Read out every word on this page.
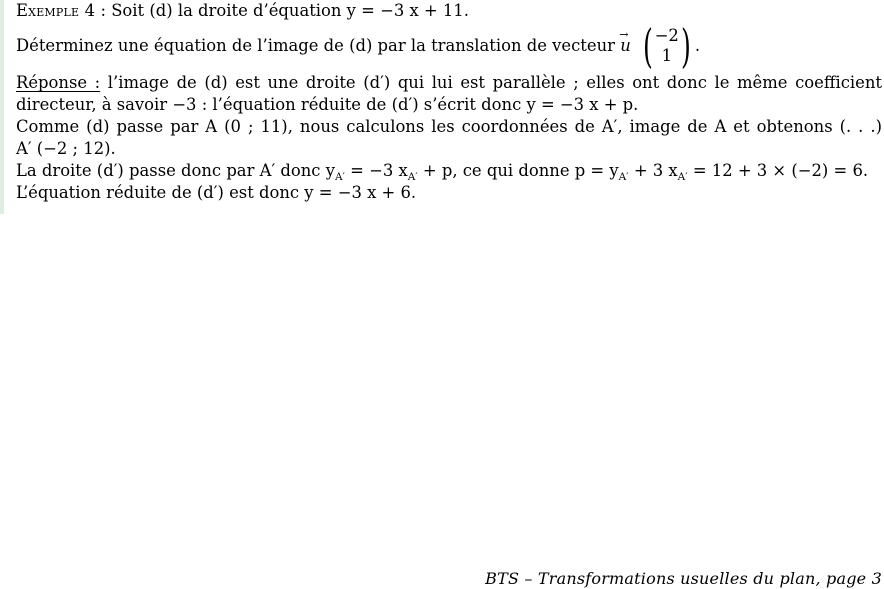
Exemple 4 : Soit (d) la droite d’équation y = −3 x + 11.
Déterminez une équation de l’image de (d) par la translation de vecteur

→ u ( −2
1 ) .
Réponse : l’image de (d) est une droite (d′) qui lui est parallèle ; elles ont donc le même coefficient
directeur, à savoir −3 : l’équation réduite de (d′) s’écrit donc y = −3 x + p.
Comme (d) passe par A (0 ; 11), nous calculons les coordonnées de A′, image de A et obtenons (. . .)
A′ (−2 ; 12).
La droite (d′) passe donc par A′ donc $y_{A'} = -3$ $x_{A'} + p$, ce qui donne $p = y_{A'} + 3$ $x_{A'} = 12 + 3 \times (-2) = 6$.
L’équation réduite de (d′) est donc y = −3 x + 6.
BTS – Transformations usuelles du plan, page 3
